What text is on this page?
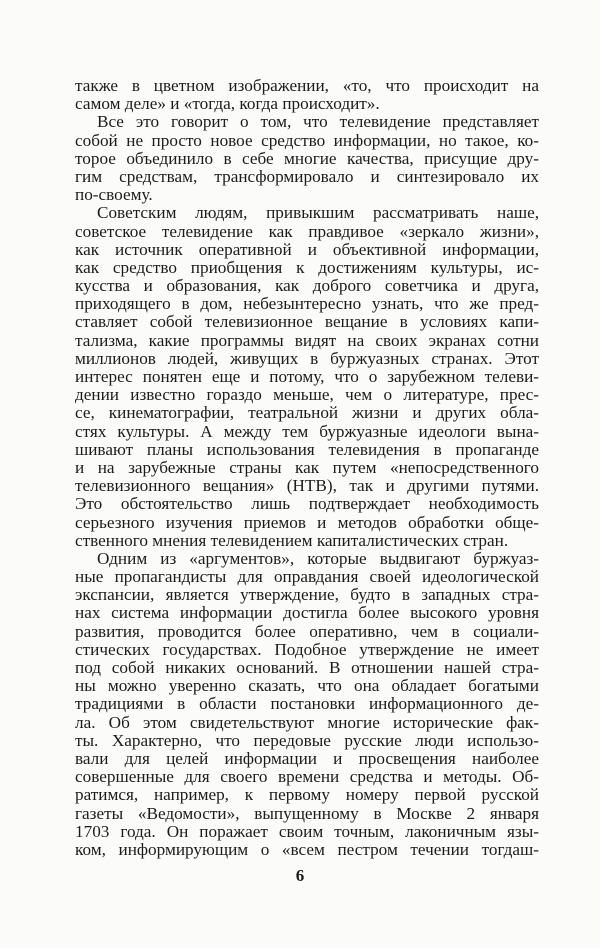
также в цветном изображении, «то, что происходит на
самом деле» и «тогда, когда происходит».
Все это говорит о том, что телевидение представляет
собой не просто новое средство информации, но такое, ко-
торое объединило в себе многие качества, присущие дру-
гим средствам, трансформировало и синтезировало их
по-своему.
Советским людям, привыкшим рассматривать наше,
советское телевидение как правдивое «зеркало жизни»,
как источник оперативной и объективной информации,
как средство приобщения к достижениям культуры, ис-
кусства и образования, как доброго советчика и друга,
приходящего в дом, небезынтересно узнать, что же пред-
ставляет собой телевизионное вещание в условиях капи-
тализма, какие программы видят на своих экранах сотни
миллионов людей, живущих в буржуазных странах. Этот
интерес понятен еще и потому, что о зарубежном телеви-
дении известно гораздо меньше, чем о литературе, прес-
се, кинематографии, театральной жизни и других обла-
стях культуры. А между тем буржуазные идеологи вына-
шивают планы использования телевидения в пропаганде
и на зарубежные страны как путем «непосредственного
телевизионного вещания» (НТВ), так и другими путями.
Это обстоятельство лишь подтверждает необходимость
серьезного изучения приемов и методов обработки обще-
ственного мнения телевидением капиталистических стран.
Одним из «аргументов», которые выдвигают буржуаз-
ные пропагандисты для оправдания своей идеологической
экспансии, является утверждение, будто в западных стра-
нах система информации достигла более высокого уровня
развития, проводится более оперативно, чем в социали-
стических государствах. Подобное утверждение не имеет
под собой никаких оснований. В отношении нашей стра-
ны можно уверенно сказать, что она обладает богатыми
традициями в области постановки информационного де-
ла. Об этом свидетельствуют многие исторические фак-
ты. Характерно, что передовые русские люди использо-
вали для целей информации и просвещения наиболее
совершенные для своего времени средства и методы. Об-
ратимся, например, к первому номеру первой русской
газеты «Ведомости», выпущенному в Москве 2 января
1703 года. Он поражает своим точным, лаконичным язы-
ком, информирующим о «всем пестром течении тогдаш-
6
